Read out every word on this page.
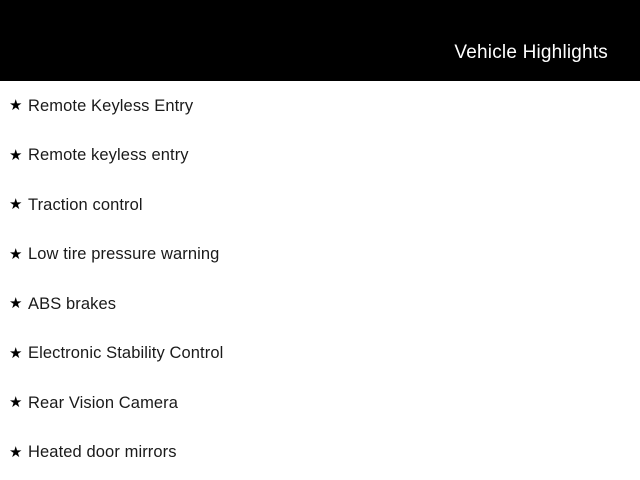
Vehicle Highlights
★ Remote Keyless Entry
★ Remote keyless entry
★ Traction control
★ Low tire pressure warning
★ ABS brakes
★ Electronic Stability Control
★ Rear Vision Camera
★ Heated door mirrors
